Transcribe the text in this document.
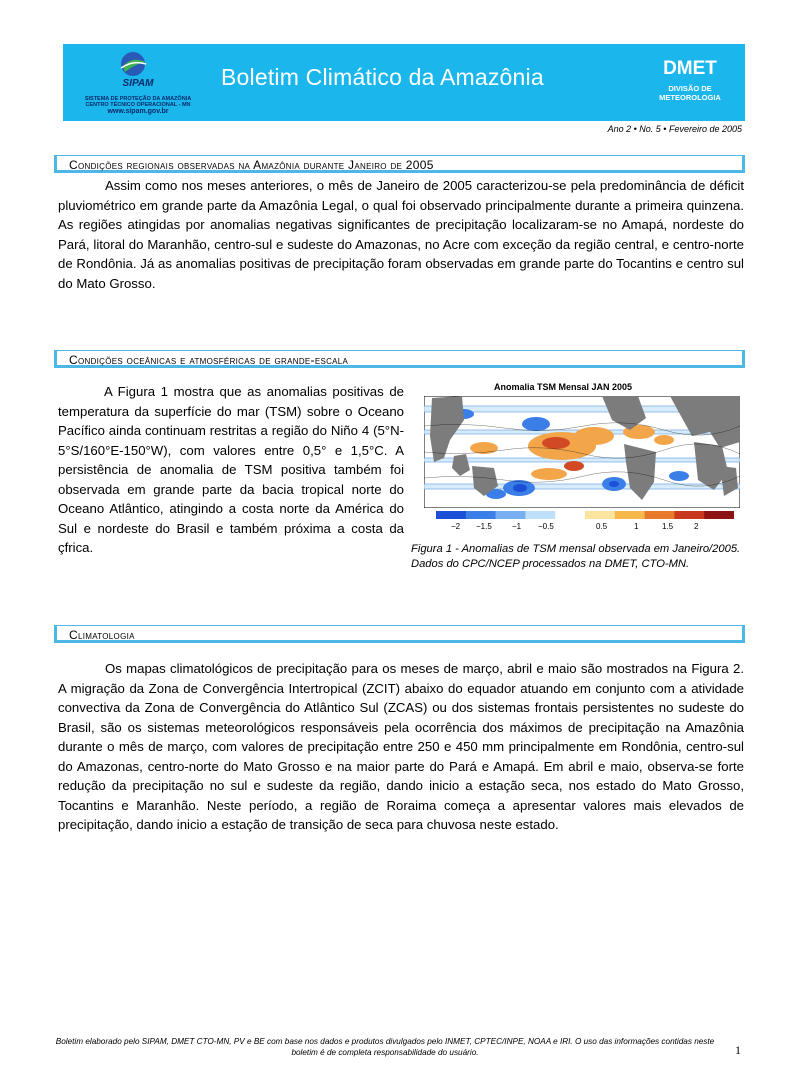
SIPAM
SISTEMA DE PROTEÇÃO DA AMAZÔNIA
CENTRO TÉCNICO OPERACIONAL - MN
www.sipam.gov.br
Boletim Climático da Amazônia	DMET
DIVISÃO DE
METEOROLOGIA
Ano 2 • No. 5 • Fevereiro de 2005
Condições regionais observadas na Amazônia durante Janeiro de 2005

Assim como nos meses anteriores, o mês de Janeiro de 2005 caracterizou-se pela predominância de déficit pluviométrico em grande parte da Amazônia Legal, o qual foi observado principalmente durante a primeira quinzena. As regiões atingidas por anomalias negativas significantes de precipitação localizaram-se no Amapá, nordeste do Pará, litoral do Maranhão, centro-sul e sudeste do Amazonas, no Acre com exceção da região central, e centro-norte de Rondônia. Já as anomalias positivas de precipitação foram observadas em grande parte do Tocantins e centro sul do Mato Grosso.

Condições oceânicas e atmosféricas de grande-escala

A Figura 1 mostra que as anomalias positivas de temperatura da superfície do mar (TSM) sobre o Oceano Pacífico ainda continuam restritas a região do Niño 4 (5°N-5°S/160°E-150°W), com valores entre 0,5° e 1,5°C. A persistência de anomalia de TSM positiva também foi observada em grande parte da bacia tropical norte do Oceano Atlântico, atingindo a costa norte da América do Sul e nordeste do Brasil e também próxima a costa da çfrica.

Anomalia TSM Mensal JAN 2005
−2 −1.5	−1 −0.5	0.5	1	1.5	2
Figura 1 - Anomalias de TSM mensal observada em Janeiro/2005. Dados do CPC/NCEP processados na DMET, CTO-MN.
Climatologia

Os mapas climatológicos de precipitação para os meses de março, abril e maio são mostrados na Figura 2. A migração da Zona de Convergência Intertropical (ZCIT) abaixo do equador atuando em conjunto com a atividade convectiva da Zona de Convergência do Atlântico Sul (ZCAS) ou dos sistemas frontais persistentes no sudeste do Brasil, são os sistemas meteorológicos responsáveis pela ocorrência dos máximos de precipitação na Amazônia durante o mês de março, com valores de precipitação entre 250 e 450 mm principalmente em Rondônia, centro-sul do Amazonas, centro-norte do Mato Grosso e na maior parte do Pará e Amapá. Em abril e maio, observa-se forte redução da precipitação no sul e sudeste da região, dando inicio a estação seca, nos estado do Mato Grosso, Tocantins e Maranhão. Neste período, a região de Roraima começa a apresentar valores mais elevados de precipitação, dando inicio a estação de transição de seca para chuvosa neste estado.

Boletim elaborado pelo SIPAM, DMET CTO-MN, PV e BE com base nos dados e produtos divulgados pelo INMET, CPTEC/INPE, NOAA e IRI. O uso das informações contidas neste boletim é de completa responsabilidade do usuário.	1
